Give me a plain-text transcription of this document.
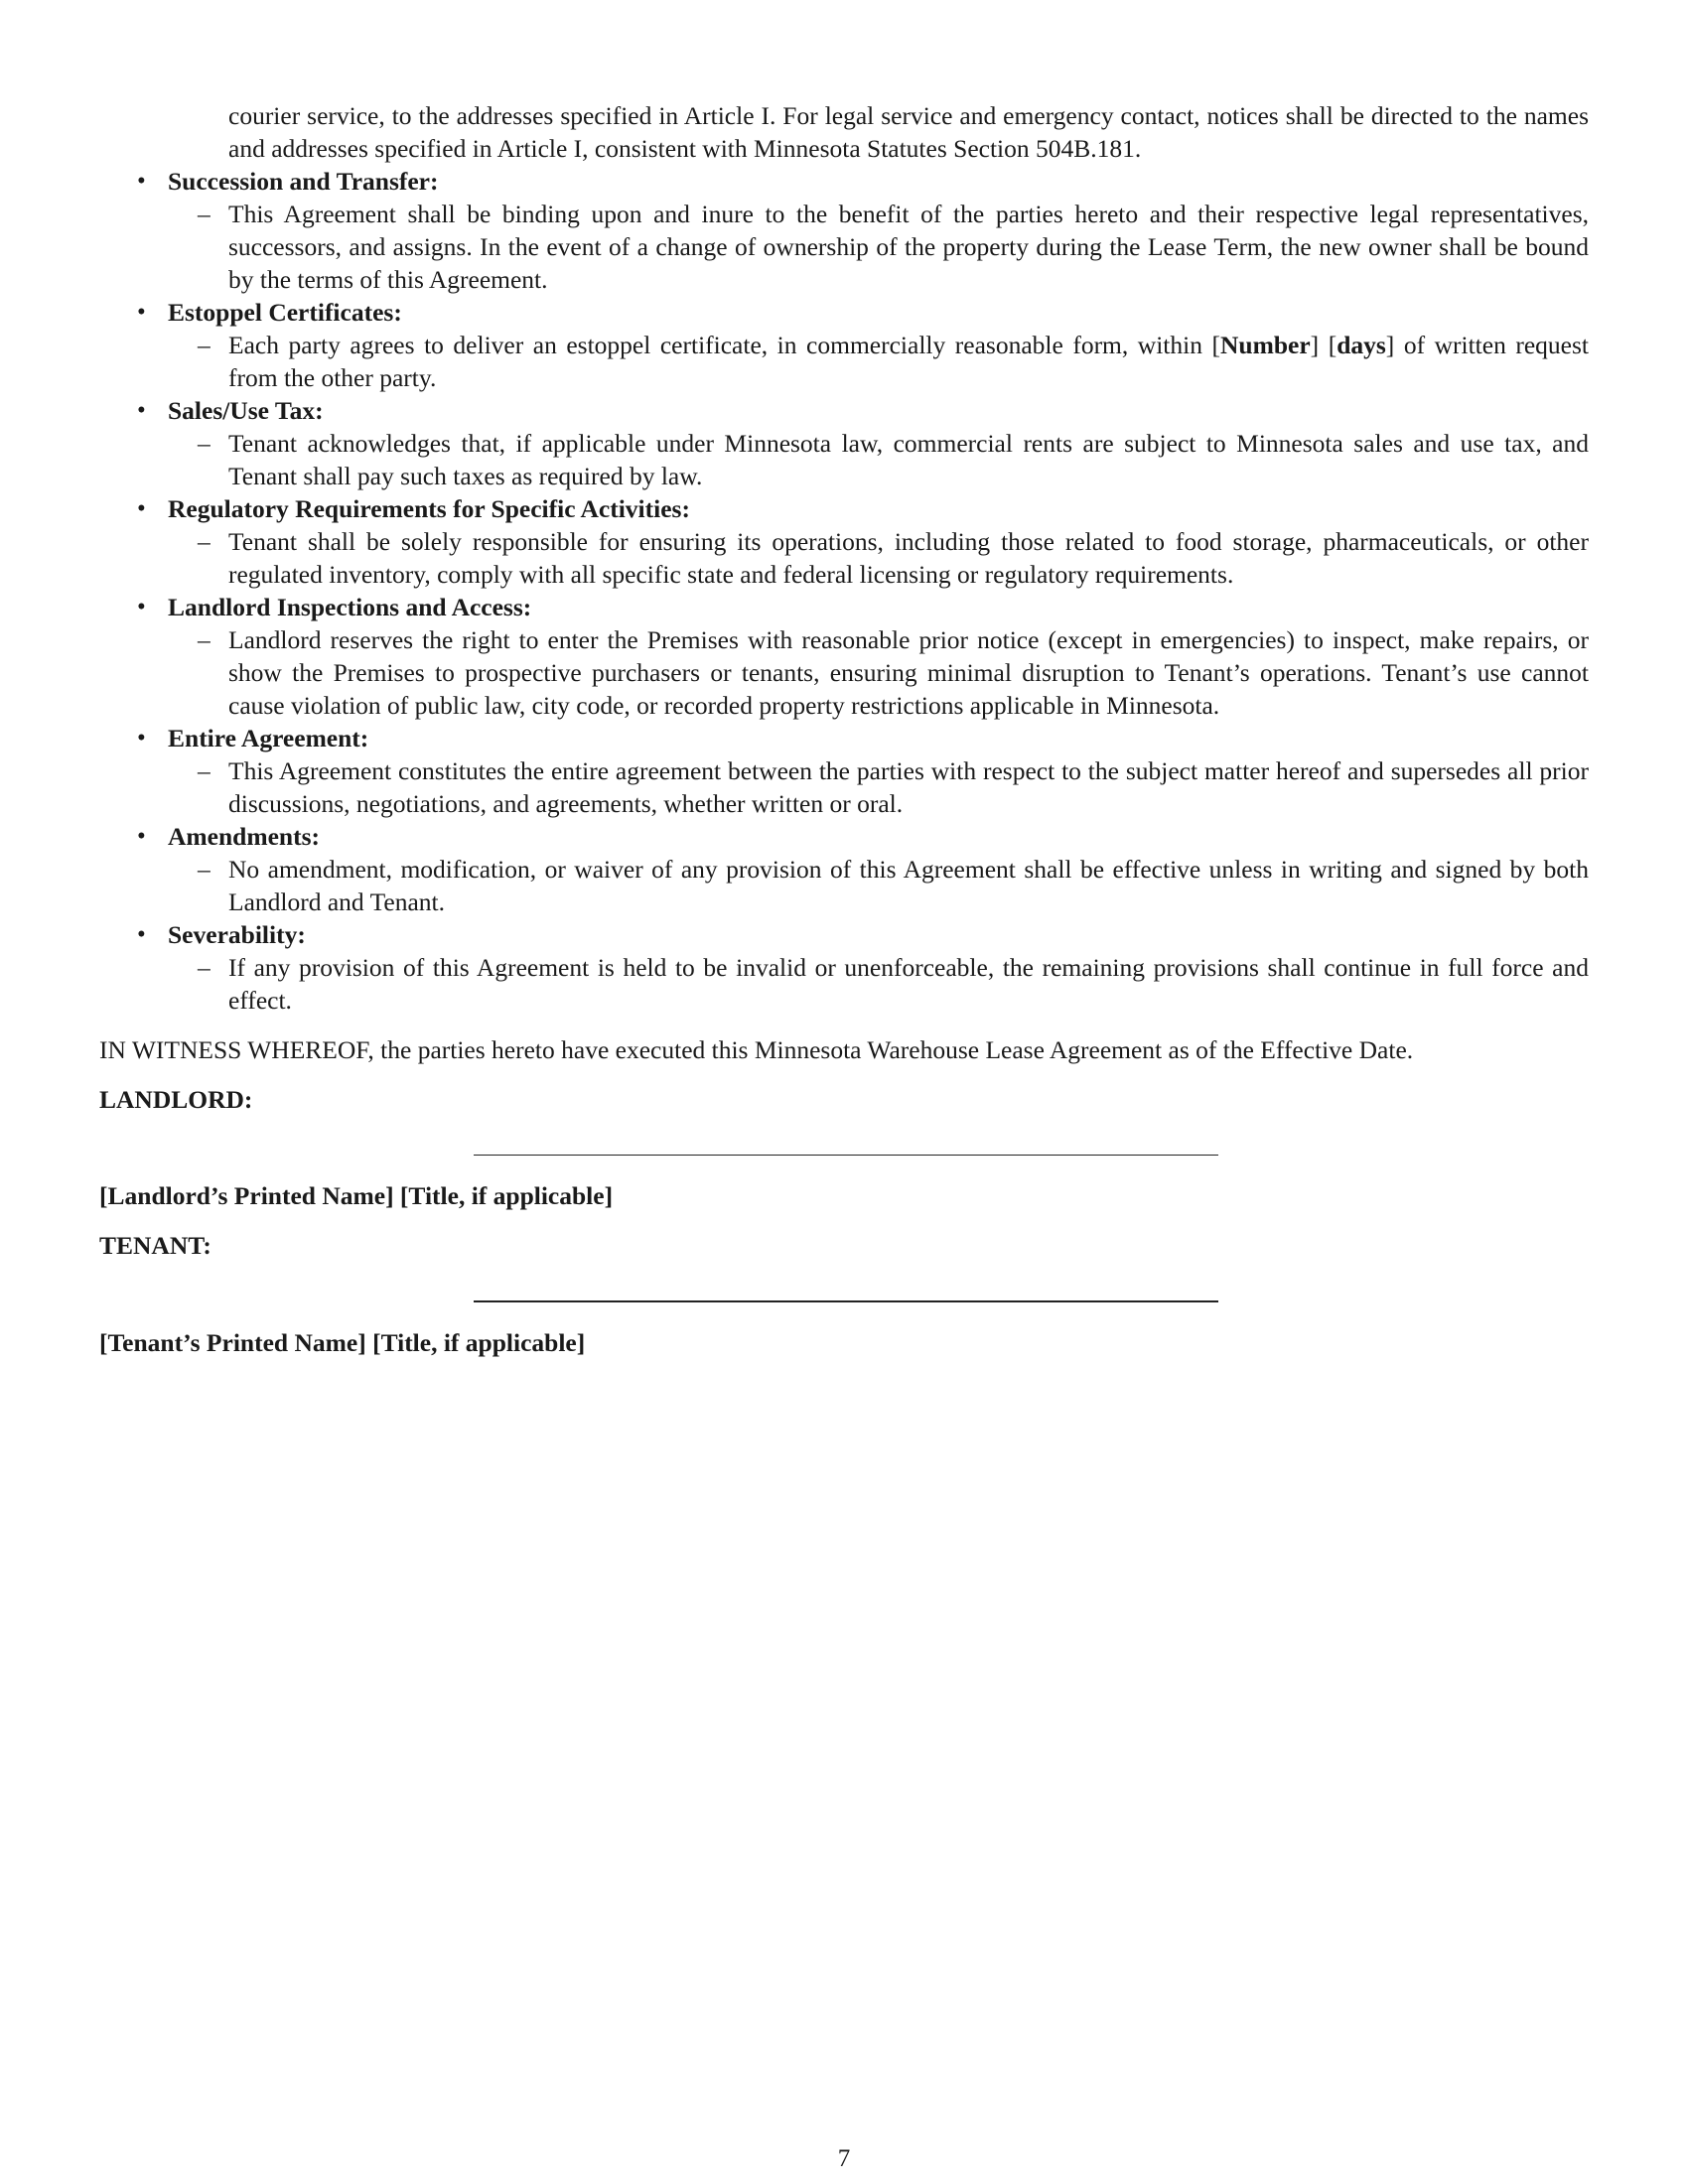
courier service, to the addresses specified in Article I. For legal service and emergency contact, notices shall be directed to the names and addresses specified in Article I, consistent with Minnesota Statutes Section 504B.181.
• Succession and Transfer:
– This Agreement shall be binding upon and inure to the benefit of the parties hereto and their respective legal representatives, successors, and assigns. In the event of a change of ownership of the property during the Lease Term, the new owner shall be bound by the terms of this Agreement.
• Estoppel Certificates:
– Each party agrees to deliver an estoppel certificate, in commercially reasonable form, within [Number] [days] of written request from the other party.
• Sales/Use Tax:
– Tenant acknowledges that, if applicable under Minnesota law, commercial rents are subject to Minnesota sales and use tax, and Tenant shall pay such taxes as required by law.
• Regulatory Requirements for Specific Activities:
– Tenant shall be solely responsible for ensuring its operations, including those related to food storage, pharmaceuticals, or other regulated inventory, comply with all specific state and federal licensing or regulatory requirements.
• Landlord Inspections and Access:
– Landlord reserves the right to enter the Premises with reasonable prior notice (except in emergencies) to inspect, make repairs, or show the Premises to prospective purchasers or tenants, ensuring minimal disruption to Tenant’s operations. Tenant’s use cannot cause violation of public law, city code, or recorded property restrictions applicable in Minnesota.
• Entire Agreement:
– This Agreement constitutes the entire agreement between the parties with respect to the subject matter hereof and supersedes all prior discussions, negotiations, and agreements, whether written or oral.
• Amendments:
– No amendment, modification, or waiver of any provision of this Agreement shall be effective unless in writing and signed by both Landlord and Tenant.
• Severability:
– If any provision of this Agreement is held to be invalid or unenforceable, the remaining provisions shall continue in full force and effect.
IN WITNESS WHEREOF, the parties hereto have executed this Minnesota Warehouse Lease Agreement as of the Effective Date.
LANDLORD:
[Landlord’s Printed Name] [Title, if applicable]
TENANT:
[Tenant’s Printed Name] [Title, if applicable]
7
